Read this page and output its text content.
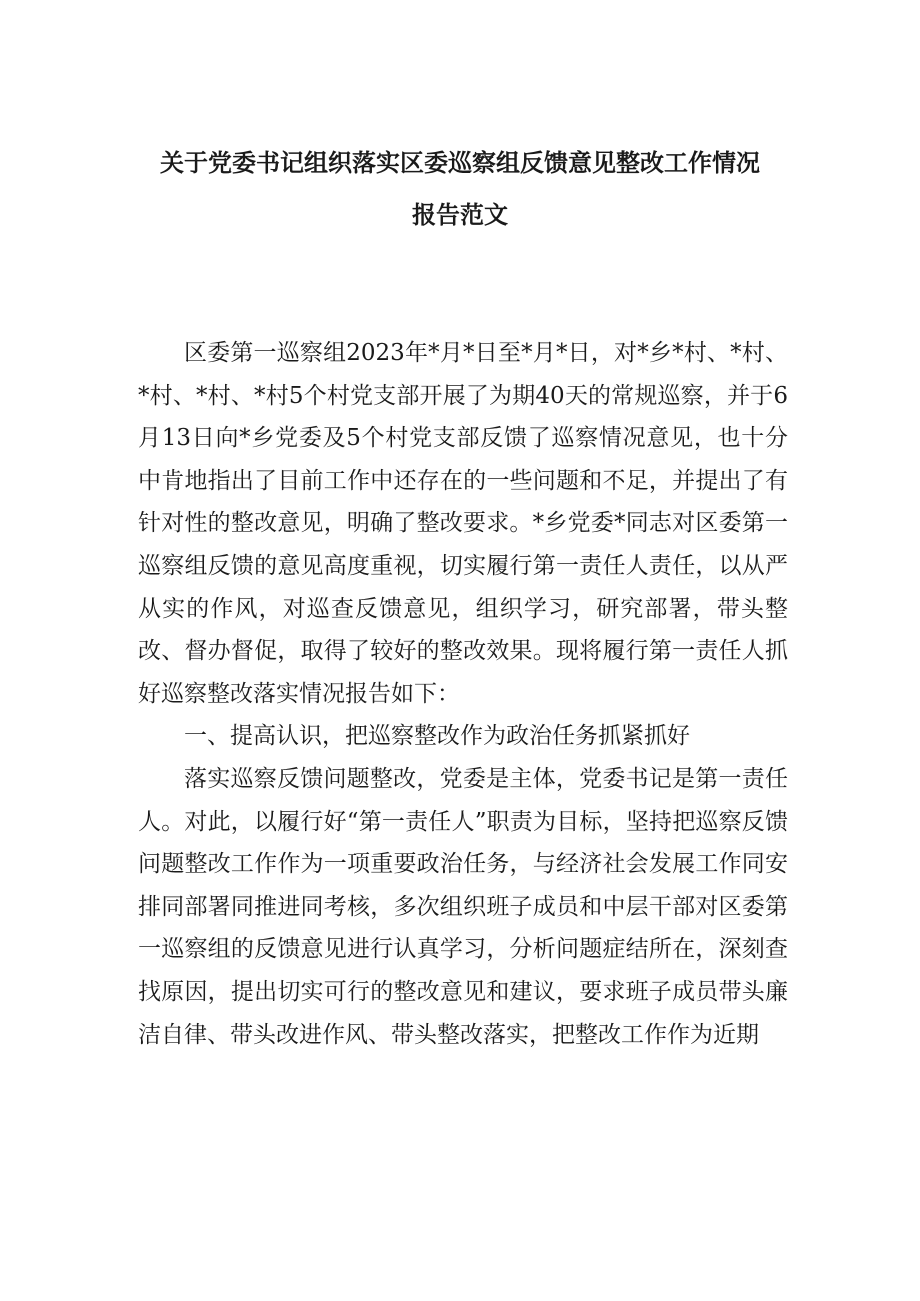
关于党委书记组织落实区委巡察组反馈意见整改工作情况
报告范文

区委第一巡察组2023年*月*日至*月*日，对*乡*村、*村、*村、*村、*村5个村党支部开展了为期40天的常规巡察，并于6月13日向*乡党委及5个村党支部反馈了巡察情况意见，也十分中肯地指出了目前工作中还存在的一些问题和不足，并提出了有针对性的整改意见，明确了整改要求。*乡党委*同志对区委第一巡察组反馈的意见高度重视，切实履行第一责任人责任，以从严从实的作风，对巡查反馈意见，组织学习，研究部署，带头整改、督办督促，取得了较好的整改效果。现将履行第一责任人抓好巡察整改落实情况报告如下：

一、提高认识，把巡察整改作为政治任务抓紧抓好

落实巡察反馈问题整改，党委是主体，党委书记是第一责任人。对此，以履行好“第一责任人”职责为目标，坚持把巡察反馈问题整改工作作为一项重要政治任务，与经济社会发展工作同安排同部署同推进同考核，多次组织班子成员和中层干部对区委第一巡察组的反馈意见进行认真学习，分析问题症结所在，深刻查找原因，提出切实可行的整改意见和建议，要求班子成员带头廉洁自律、带头改进作风、带头整改落实，把整改工作作为近期
